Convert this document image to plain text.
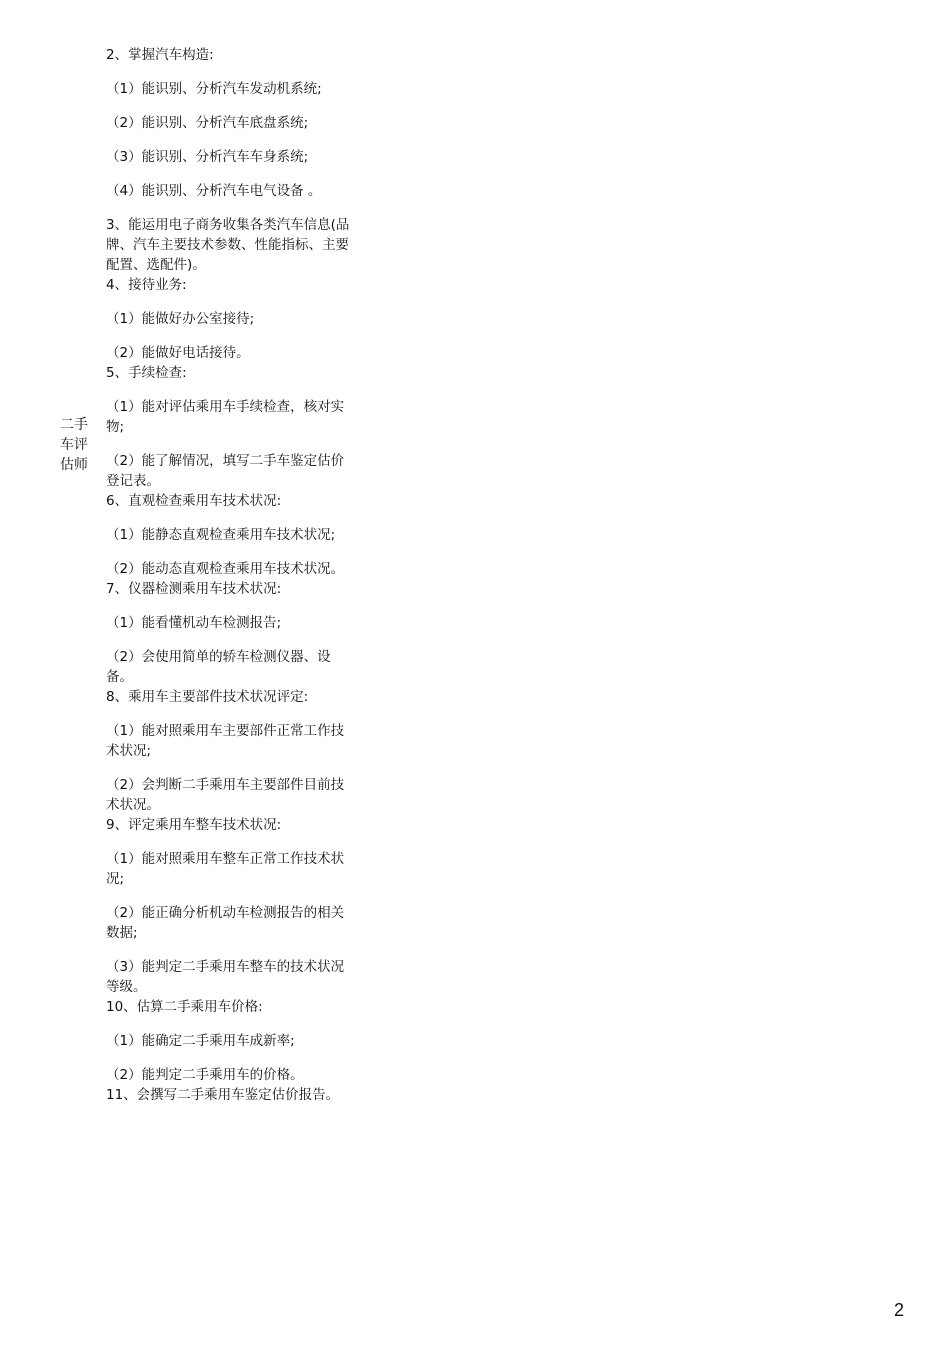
二手车评估师

2、掌握汽车构造:

（1）能识别、分析汽车发动机系统;

（2）能识别、分析汽车底盘系统;

（3）能识别、分析汽车车身系统;

（4）能识别、分析汽车电气设备 。

3、能运用电子商务收集各类汽车信息(品牌、汽车主要技术参数、性能指标、主要配置、选配件)。

4、接待业务:

（1）能做好办公室接待;

（2）能做好电话接待。

5、手续检查:

（1）能对评估乘用车手续检查，核对实物;

（2）能了解情况，填写二手车鉴定估价登记表。

6、直观检查乘用车技术状况:

（1）能静态直观检查乘用车技术状况;

（2）能动态直观检查乘用车技术状况。

7、仪器检测乘用车技术状况:

（1）能看懂机动车检测报告;

（2）会使用简单的轿车检测仪器、设备。

8、乘用车主要部件技术状况评定:

（1）能对照乘用车主要部件正常工作技术状况;

（2）会判断二手乘用车主要部件目前技术状况。

9、评定乘用车整车技术状况:

（1）能对照乘用车整车正常工作技术状况;

（2）能正确分析机动车检测报告的相关数据;

（3）能判定二手乘用车整车的技术状况等级。

10、估算二手乘用车价格:

（1）能确定二手乘用车成新率;

（2）能判定二手乘用车的价格。

11、会撰写二手乘用车鉴定估价报告。

2
